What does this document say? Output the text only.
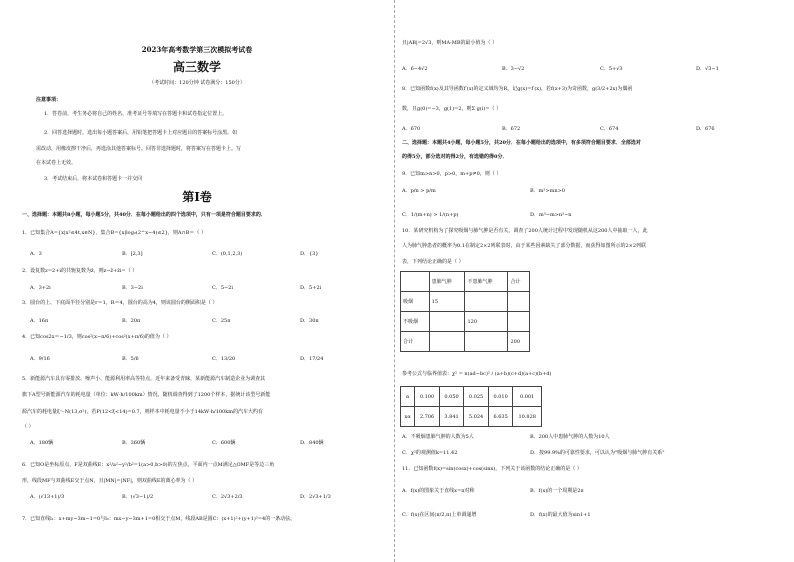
2023年高考数学第三次模拟考试卷
高三数学
（考试时间：120分钟 试卷满分：150分）
注意事项：
1．答卷前，考生务必将自己的姓名、准考证号等填写在答题卡和试卷指定位置上。
2．回答选择题时，选出每小题答案后，用铅笔把答题卡上对应题目的答案标号涂黑。如
需改动，用橡皮擦干净后，再选涂其他答案标号。回答非选择题时，将答案写在答题卡上。写
在本试卷上无效。
3．考试结束后，将本试卷和答题卡一并交回
第Ⅰ卷
一、选择题：本题共8小题，每小题5分，共40分．在每小题给出的四个选项中，只有一项是符合题目要求的．
1．已知集合A={x|x²≤4t,x∈N}，集合B={x|log₂(2^x−4)≤2}，则A∩B＝（ ）
A．3	B．[2,3]	C．(0,1,2,3)	D．{3}
2．设复数z=2+i的共轭复数为z̄，则z−z̄+z̄i=（ ）
A．3+2i	B．3−2i	C．5−2i	D．5+2i
3．圆台的上、下底面半径分别是r＝1，R＝4，圆台的高为4，则该圆台的侧面积是（ ）
A．16π	B．20π	C．25π	D．30π
4．已知cos2x＝−1/3，则cos²(x−π/6)+cos²(x+π/6)的值为（ ）
A．9/16	B．5/6	C．13/20	D．17/24
5．新能源汽车具有零排放、噪声小、能源利用率高等特点，近年来备受青睐，某新能源汽车制造企业为调查其
旗下A型号新能源汽车的耗电量（单位：kW·h/100km）情况，随机调查得到了1200个样本，据统计该型号新能
源汽车的耗电量ξ～N(13,σ²)，若P(12<ξ<14)=0.7，则样本中耗电量不小于14kW·h/100km的汽车大约有
（ ）
A．180辆	B．360辆	C．600辆	D．840辆
6．已知O是坐标原点，F是双曲线E：x²/a²−y²/b²=1(a>0,b>0)的左焦点，平面内一点M满足△OMF是等边三角
形，线段MF与双曲线E交于点N，且|MN|=|NF|，则双曲线E的离心率为（ ）
A．(√13+1)/3	B．(√3−1)/2	C．2√3+2/3	D．2√3+1/3
7．已知直线l₁：x+my−3m−1=0与l₂：mx−y−3m+1=0相交于点M，线段AB是圆C：(x+1)²+(y+1)²=4的一条动弦，
且|AB|=2√3，则MA·MB的最小值为（ ）
A．6−4√2	B．3−√2	C．5+√3	D．√3−1
8．已知函数f(x)及其导函数f′(x)的定义域均为R，记g(x)=f′(x)，若f(x+3)为奇函数，g(3/2+2x)为偶函
数，且g(0)=−3，g(1)=2，则Σ g(i)=（ ）
A．670	B．672	C．674	D．676
二、选择题：本题共4小题，每小题5分，共20分．在每小题给出的选项中，有多项符合题目要求．全部选对
的得5分，部分选对的得2分，有选错的得0分．
9．已知m>n>0，p>0，m+p≠0，则（ ）
A．p/n > p/m	B．m²>mn>0
C．1/(m+n) > 1/(n+p)	D．m³−m>n³−n
10．某研究机构为了探究吸烟与肺气肿是否有关，调查了200人统计过程中发现随机从这200人中抽取一人，此
人为肺气肿患者的概率为0.1在制定2×2列联表时，由于某些因素缺失了部分数据，而获得如图所示的2×2列联
表，下列结论正确的是（ ）
	患肺气肿	不患肺气肿	合计
吸烟	15		
不吸烟		120	
合计			200
参考公式与临界值表：χ² = n(ad−bc)² / (a+b)(c+d)(a+c)(b+d)
α	0.100	0.050	0.025	0.010	0.001
xα	2.706	3.841	5.024	6.635	10.828
A．不吸烟患肺气肿的人数为5人	B．200人中患肺气肿的人数为10人
C．χ²的观测值k=11.42	D．按99.9%的可靠性要求，可以认为"吸烟与肺气肿有关系"
11．已知函数f(x)=sin(cosx)+cos(sinx)，下列关于该函数的结论正确的是（ ）
A．f(x)的图象关于直线x=π对称	B．f(x)的一个周期是2π
C．f(x)在区间(π/2,π)上单调递增	D．f(x)的最大值为sin1+1
